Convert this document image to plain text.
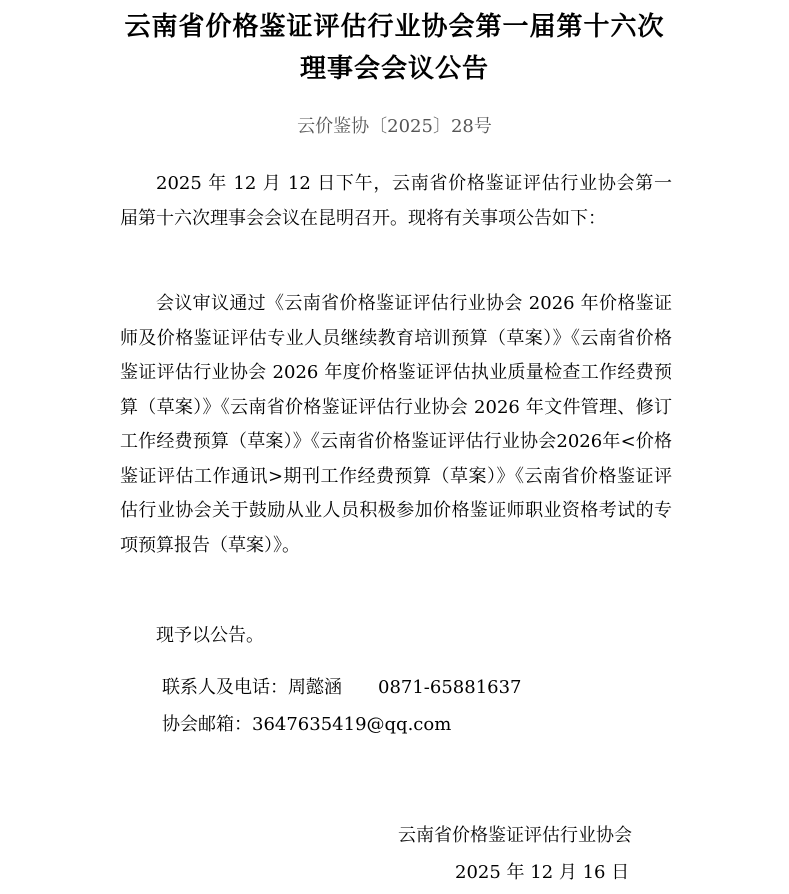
云南省价格鉴证评估行业协会第一届第十六次
理事会会议公告
云价鉴协〔2025〕28号

2025 年 12 月 12 日下午，云南省价格鉴证评估行业协会第一届第十六次理事会会议在昆明召开。现将有关事项公告如下：

会议审议通过《云南省价格鉴证评估行业协会 2026 年价格鉴证师及价格鉴证评估专业人员继续教育培训预算（草案）》《云南省价格鉴证评估行业协会 2026 年度价格鉴证评估执业质量检查工作经费预算（草案）》《云南省价格鉴证评估行业协会 2026 年文件管理、修订工作经费预算（草案）》《云南省价格鉴证评估行业协会2026年<价格鉴证评估工作通讯>期刊工作经费预算（草案）》《云南省价格鉴证评估行业协会关于鼓励从业人员积极参加价格鉴证师职业资格考试的专项预算报告（草案）》。

现予以公告。

联系人及电话：周懿涵　　0871-65881637

协会邮箱：3647635419@qq.com

云南省价格鉴证评估行业协会
2025 年 12 月 16 日
